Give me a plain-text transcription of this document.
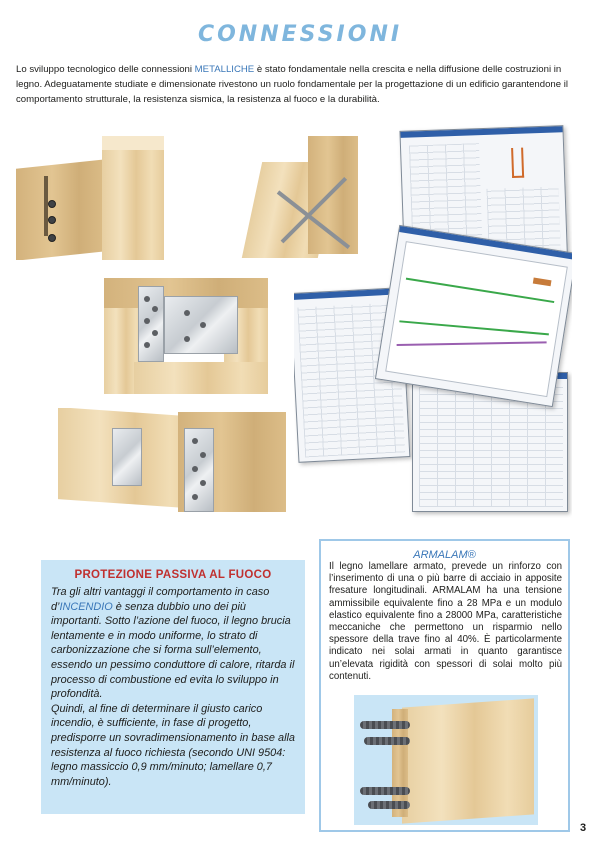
CONNESSIONI

Lo sviluppo tecnologico delle connessioni METALLICHE è stato fondamentale nella crescita e nella diffusione delle costruzioni in legno. Adeguatamente studiate e dimensionate rivestono un ruolo fondamentale per la progettazione di un edificio garantendone il comportamento strutturale, la resistenza sismica, la resistenza al fuoco e la durabilità.

PROTEZIONE PASSIVA AL FUOCO

Tra gli altri vantaggi il comportamento in caso d’INCENDIO è senza dubbio uno dei più importanti. Sotto l’azione del fuoco, il legno brucia lentamente e in modo uniforme, lo strato di carbonizzazione che si forma sull’elemento, essendo un pessimo conduttore di calore, ritarda il processo di combustione ed evita lo sviluppo in profondità.
Quindi, al fine di determinare il giusto carico incendio, è sufficiente, in fase di progetto, predisporre un sovradimensionamento in base alla resistenza al fuoco richiesta (secondo UNI 9504: legno massiccio 0,9 mm/minuto; lamellare 0,7 mm/minuto).

ARMALAM®

Il legno lamellare armato, prevede un rinforzo con l’inserimento di una o più barre di acciaio in apposite fresature longitudinali. ARMALAM ha una tensione ammissibile equivalente fino a 28 MPa e un modulo elastico equivalente fino a 28000 MPa, caratteristiche meccaniche che permettono un risparmio nello spessore della trave fino al 40%. È particolarmente indicato nei solai armati in quanto garantisce un’elevata rigidità con spessori di solai molto più contenuti.

3
